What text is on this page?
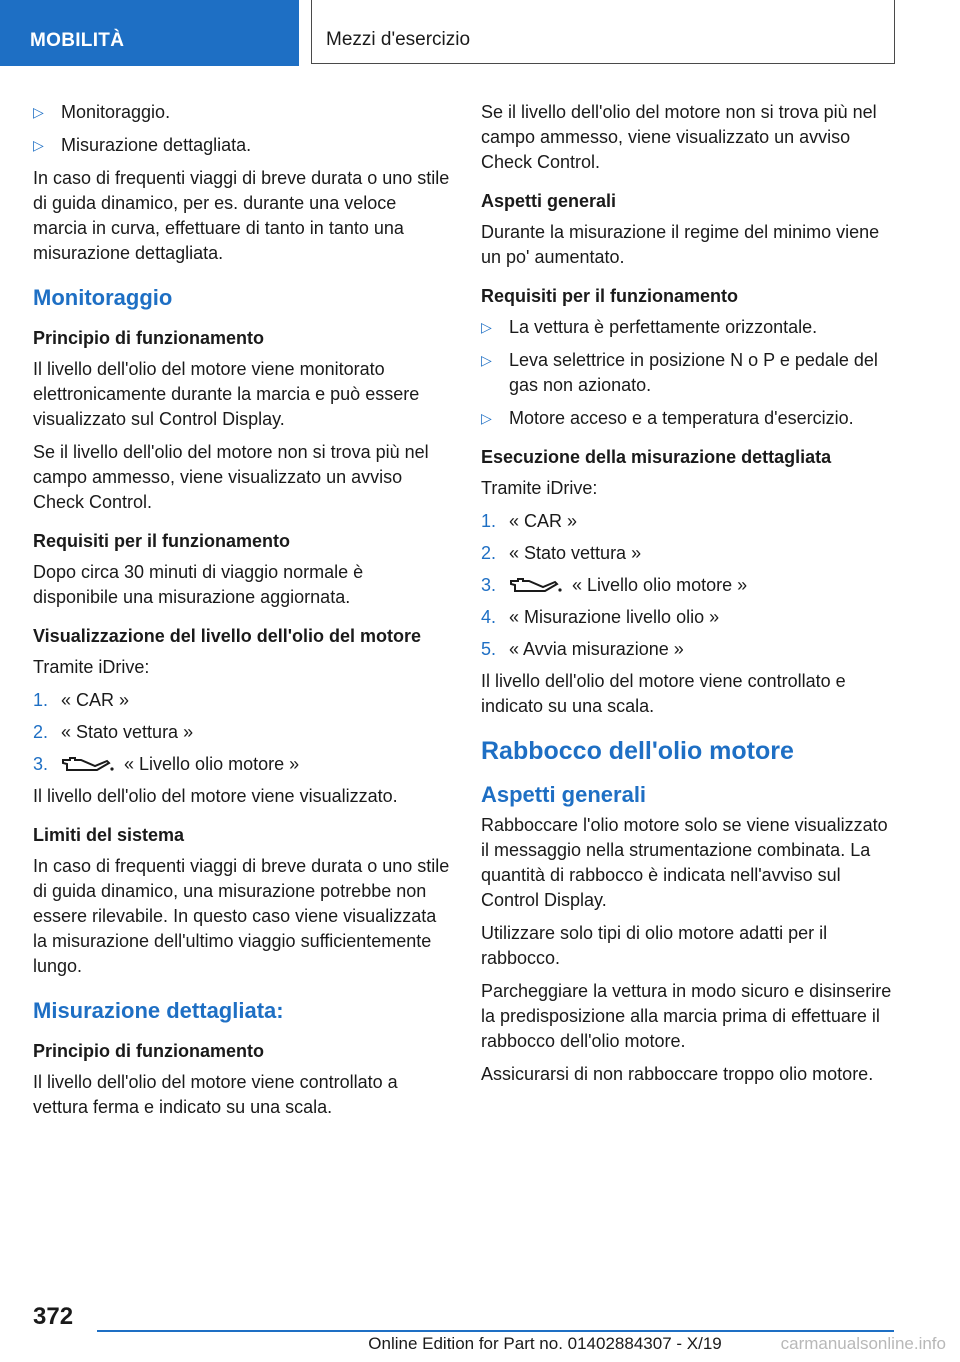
MOBILITÀ	Mezzi d'esercizio
▷ Monitoraggio.
▷ Misurazione dettagliata.

In caso di frequenti viaggi di breve durata o uno stile di guida dinamico, per es. durante una veloce marcia in curva, effettuare di tanto in tanto una misurazione dettagliata.

Monitoraggio
Principio di funzionamento

Il livello dell'olio del motore viene monitorato elettronicamente durante la marcia e può essere visualizzato sul Control Display.

Se il livello dell'olio del motore non si trova più nel campo ammesso, viene visualizzato un avviso Check Control.

Requisiti per il funzionamento

Dopo circa 30 minuti di viaggio normale è disponibile una misurazione aggiornata.

Visualizzazione del livello dell'olio del motore

Tramite iDrive:

1. « CAR »
2. « Stato vettura »
3.	« Livello olio motore »

Il livello dell'olio del motore viene visualizzato.

Limiti del sistema

In caso di frequenti viaggi di breve durata o uno stile di guida dinamico, una misurazione potrebbe non essere rilevabile. In questo caso viene visualizzata la misurazione dell'ultimo viaggio sufficientemente lungo.

Misurazione dettagliata:
Principio di funzionamento

Il livello dell'olio del motore viene controllato a vettura ferma e indicato su una scala.

Se il livello dell'olio del motore non si trova più nel campo ammesso, viene visualizzato un avviso Check Control.

Aspetti generali

Durante la misurazione il regime del minimo viene un po' aumentato.

Requisiti per il funzionamento
▷ La vettura è perfettamente orizzontale.
▷ Leva selettrice in posizione N o P e pedale del gas non azionato.
▷ Motore acceso e a temperatura d'esercizio.
Esecuzione della misurazione dettagliata

Tramite iDrive:

1. « CAR »
2. « Stato vettura »
3.	« Livello olio motore »
4. « Misurazione livello olio »
5. « Avvia misurazione »

Il livello dell'olio del motore viene controllato e indicato su una scala.

Rabbocco dell'olio motore
Aspetti generali

Rabboccare l'olio motore solo se viene visualizzato il messaggio nella strumentazione combinata. La quantità di rabbocco è indicata nell'avviso sul Control Display.

Utilizzare solo tipi di olio motore adatti per il rabbocco.

Parcheggiare la vettura in modo sicuro e disinserire la predisposizione alla marcia prima di effettuare il rabbocco dell'olio motore.

Assicurarsi di non rabboccare troppo olio motore.

372
Online Edition for Part no. 01402884307 - X/19	carmanualsonline.info
